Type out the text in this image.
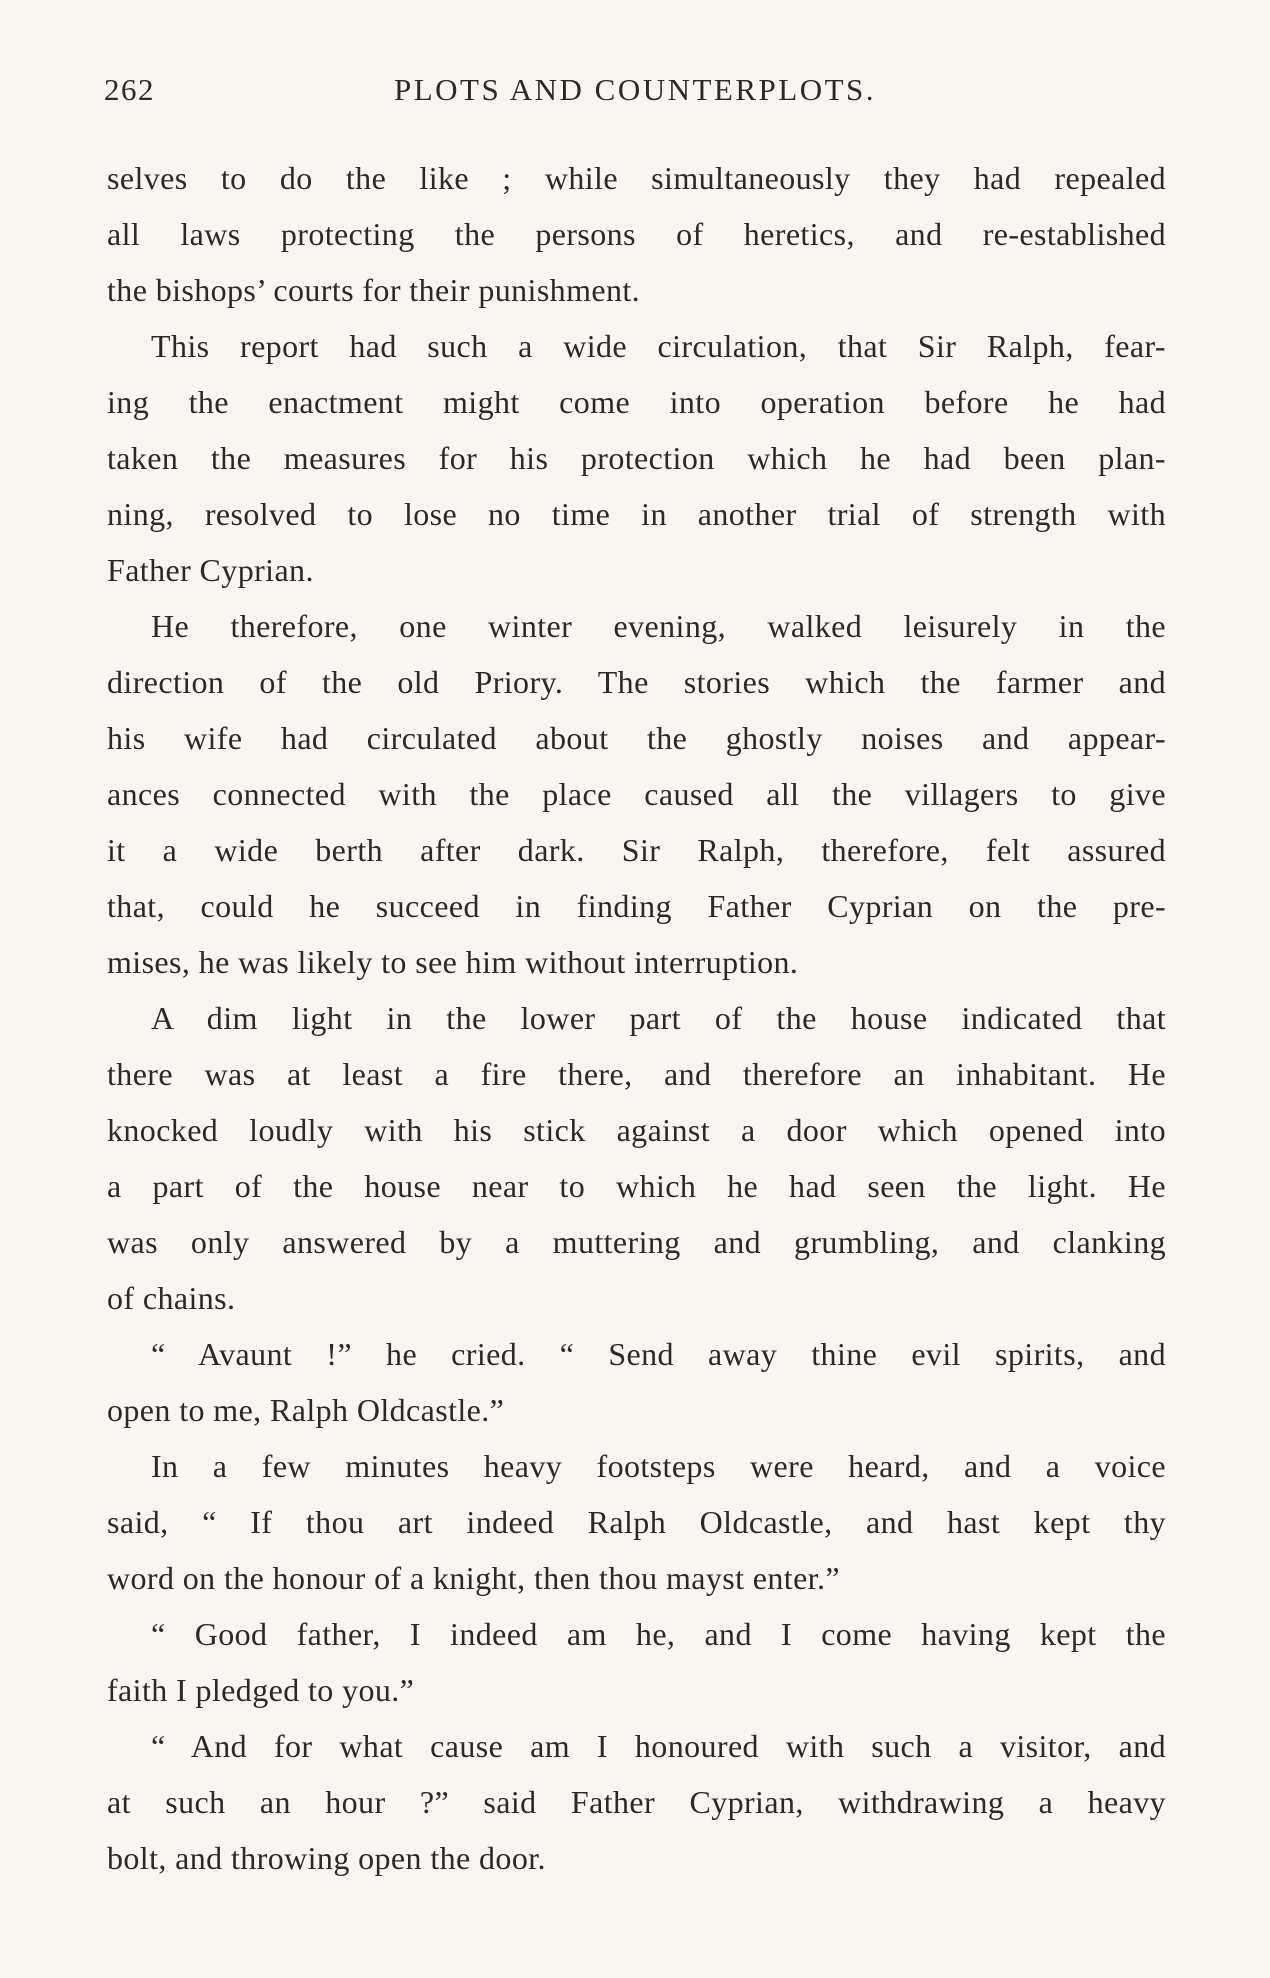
262	PLOTS AND COUNTERPLOTS.
selves to do the like ; while simultaneously they had repealed
all laws protecting the persons of heretics, and re-established
the bishops’ courts for their punishment.
This report had such a wide circulation, that Sir Ralph, fear-
ing the enactment might come into operation before he had
taken the measures for his protection which he had been plan-
ning, resolved to lose no time in another trial of strength with
Father Cyprian.
He therefore, one winter evening, walked leisurely in the
direction of the old Priory. The stories which the farmer and
his wife had circulated about the ghostly noises and appear-
ances connected with the place caused all the villagers to give
it a wide berth after dark. Sir Ralph, therefore, felt assured
that, could he succeed in finding Father Cyprian on the pre-
mises, he was likely to see him without interruption.
A dim light in the lower part of the house indicated that
there was at least a fire there, and therefore an inhabitant. He
knocked loudly with his stick against a door which opened into
a part of the house near to which he had seen the light. He
was only answered by a muttering and grumbling, and clanking
of chains.
“ Avaunt !” he cried. “ Send away thine evil spirits, and
open to me, Ralph Oldcastle.”
In a few minutes heavy footsteps were heard, and a voice
said, “ If thou art indeed Ralph Oldcastle, and hast kept thy
word on the honour of a knight, then thou mayst enter.”
“ Good father, I indeed am he, and I come having kept the
faith I pledged to you.”
“ And for what cause am I honoured with such a visitor, and
at such an hour ?” said Father Cyprian, withdrawing a heavy
bolt, and throwing open the door.
